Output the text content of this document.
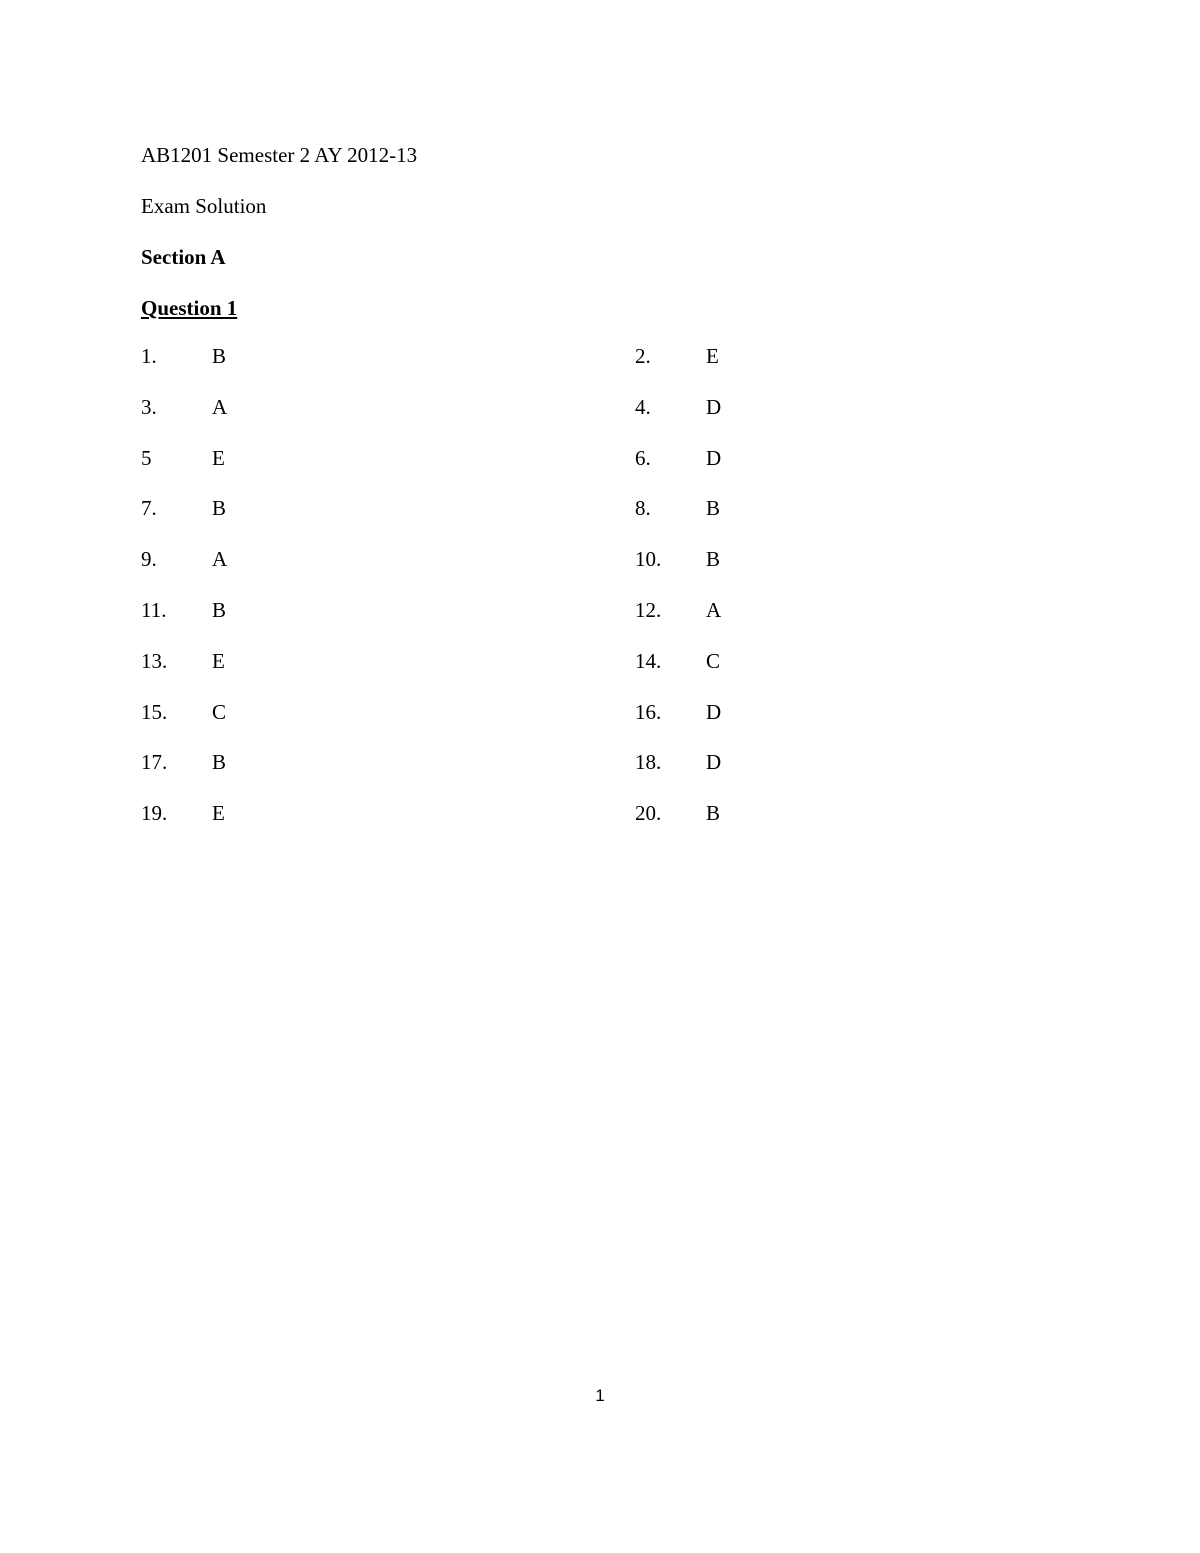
AB1201 Semester 2 AY 2012-13
Exam Solution
Section A
Question 1
1.	B	2.	E
3.	A	4.	D
5	E	6.	D
7.	B	8.	B
9.	A	10. B
11. B	12. A
13. E	14. C
15. C	16. D
17. B	18. D
19. E	20. B
1
